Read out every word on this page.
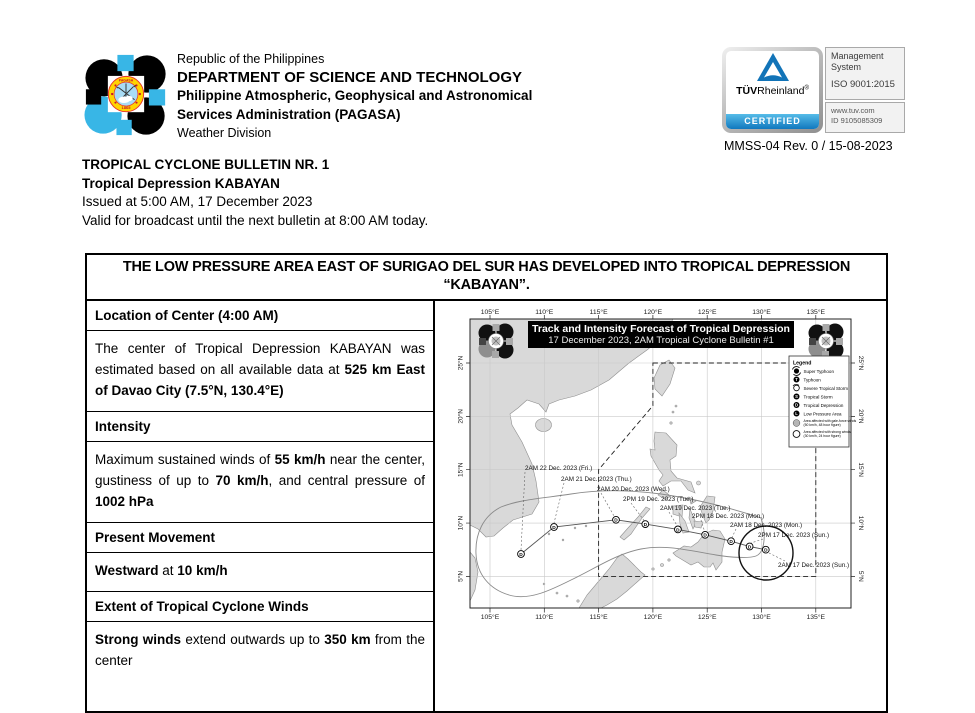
PAGASA
1865
Republic of the Philippines
DEPARTMENT OF SCIENCE AND TECHNOLOGY
Philippine Atmospheric, Geophysical and Astronomical
Services Administration (PAGASA)
Weather Division
TÜVRheinland®
CERTIFIED
Management
System
ISO 9001:2015
www.tuv.com
ID 9105085309
MMSS-04 Rev. 0 / 15-08-2023
TROPICAL CYCLONE BULLETIN NR. 1
Tropical Depression KABAYAN
Issued at 5:00 AM, 17 December 2023
Valid for broadcast until the next bulletin at 8:00 AM today.
THE LOW PRESSURE AREA EAST OF SURIGAO DEL SUR HAS DEVELOPED INTO TROPICAL DEPRESSION “KABAYAN”.
Location of Center (4:00 AM)
The center of Tropical Depression KABAYAN was estimated based on all available data at 525 km East of Davao City (7.5°N, 130.4°E)
Intensity
Maximum sustained winds of 55 km/h near the center, gustiness of up to 70 km/h, and central pressure of 1002 hPa
Present Movement
Westward at 10 km/h
Extent of Tropical Cyclone Winds
Strong winds extend outwards up to 350 km from the center
D
D
D
D
D
D
D
D
D
2AM 22 Dec. 2023 (Fri.)
2AM 21 Dec. 2023 (Thu.)
2AM 20 Dec. 2023 (Wed.)
2PM 19 Dec. 2023 (Tue.)
2AM 19 Dec. 2023 (Tue.)
2PM 18 Dec. 2023 (Mon.)
2AM 18 Dec. 2023 (Mon.)
2PM 17 Dec. 2023 (Sun.)
2AM 17 Dec. 2023 (Sun.)
Track and Intensity Forecast of Tropical Depression
17 December 2023, 2AM Tropical Cyclone Bulletin #1
Legend
Super Typhoon
T Typhoon
Severe Tropical Storm
S Tropical Storm
D Tropical Depression
L Low Pressure Area
Area affected with gale-force winds
(50 km/h, 48 hour figure)
Area affected with strong winds
(30 km/h, 24 hour figure)
105°E	110°E	115°E	120°E	125°E	130°E	135°E
105°E	110°E	115°E	120°E	125°E	130°E	135°E
25°N
20°N
15°N
10°N
5°N
25°N
20°N
15°N
10°N
5°N
